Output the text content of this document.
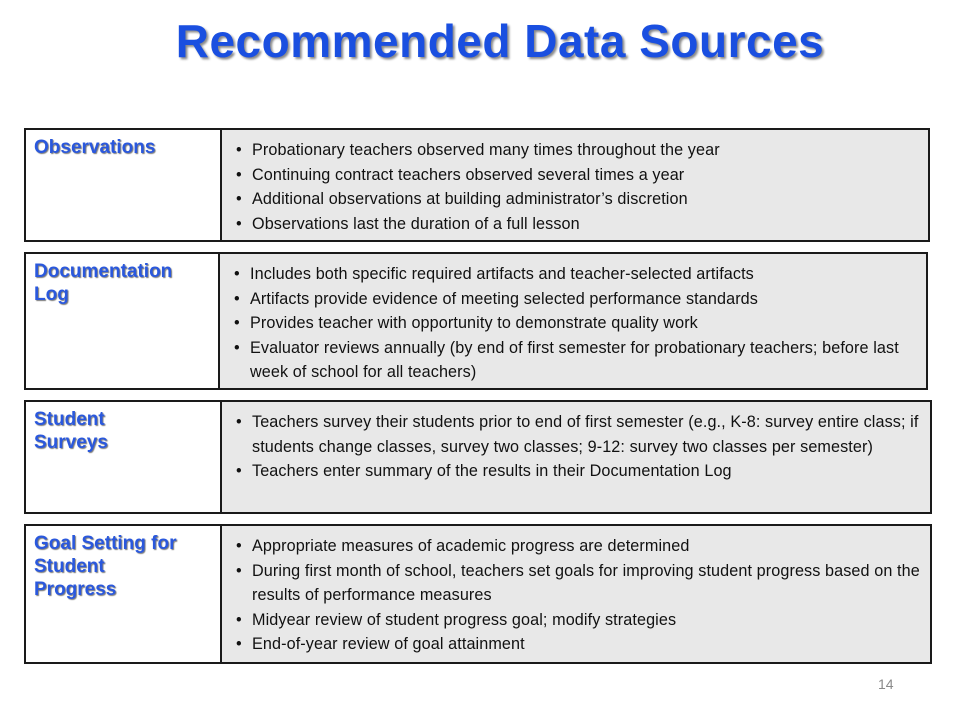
Recommended Data Sources
Observations
•	Probationary teachers observed many times throughout the year
• Continuing contract teachers observed several times a year
• Additional observations at building administrator’s discretion
• Observations last the duration of a full lesson
Documentation Log
• Includes both specific required artifacts and teacher-selected artifacts
• Artifacts provide evidence of meeting selected performance standards
• Provides teacher with opportunity to demonstrate quality work
• Evaluator reviews annually (by end of first semester for probationary teachers; before last week of school for all teachers)
Student Surveys
• Teachers survey their students prior to end of first semester (e.g., K-8: survey entire class; if students change classes, survey two classes; 9-12: survey two classes per semester)
• Teachers enter summary of the results in their Documentation Log
Goal Setting for Student Progress
• Appropriate measures of academic progress are determined
• During first month of school, teachers set goals for improving student progress based on the results of performance measures
• Midyear review of student progress goal; modify strategies
• End-of-year review of goal attainment
14
